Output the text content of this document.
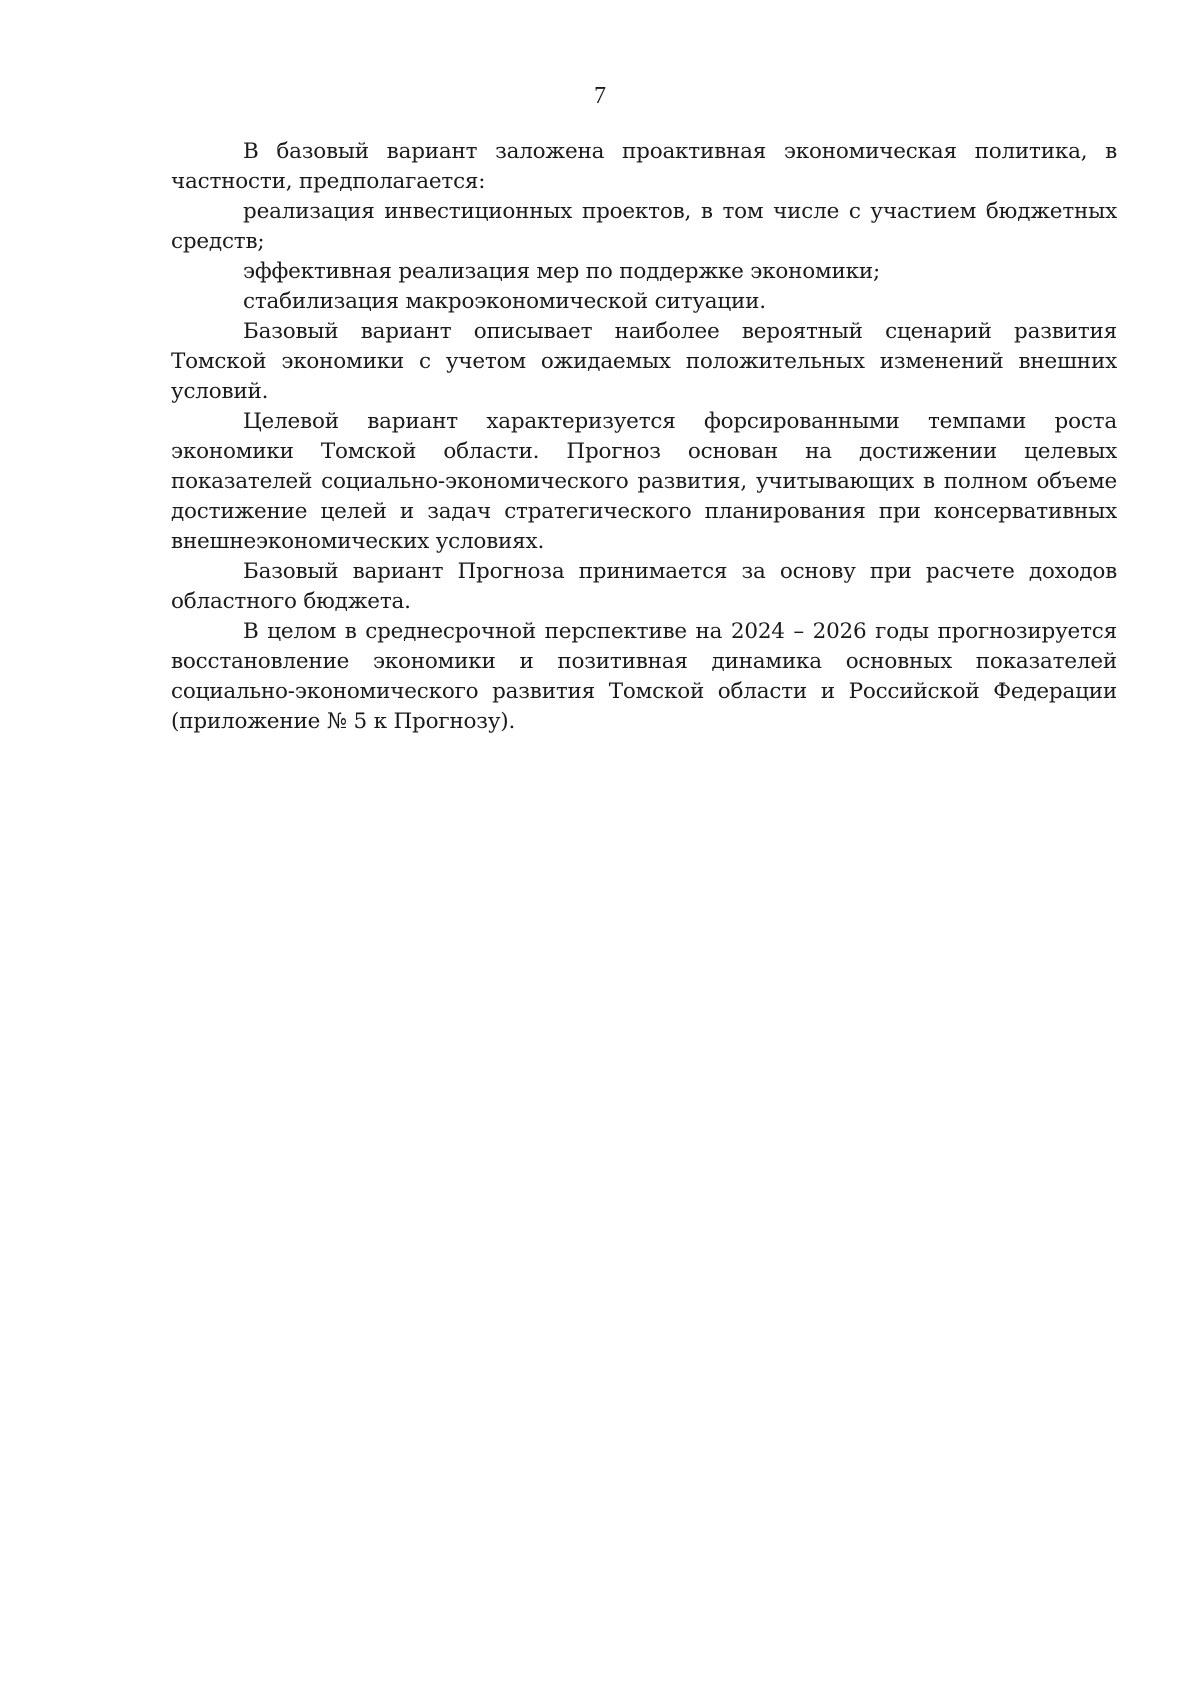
7

В базовый вариант заложена проактивная экономическая политика, в частности, предполагается:

реализация инвестиционных проектов, в том числе с участием бюджетных средств;

эффективная реализация мер по поддержке экономики;

стабилизация макроэкономической ситуации.

Базовый вариант описывает наиболее вероятный сценарий развития Томской экономики с учетом ожидаемых положительных изменений внешних условий.

Целевой вариант характеризуется форсированными темпами роста экономики Томской области. Прогноз основан на достижении целевых показателей социально-экономического развития, учитывающих в полном объеме достижение целей и задач стратегического планирования при консервативных внешнеэкономических условиях.

Базовый вариант Прогноза принимается за основу при расчете доходов областного бюджета.

В целом в среднесрочной перспективе на 2024 – 2026 годы прогнозируется восстановление экономики и позитивная динамика основных показателей социально-экономического развития Томской области и Российской Федерации (приложение № 5 к Прогнозу).
